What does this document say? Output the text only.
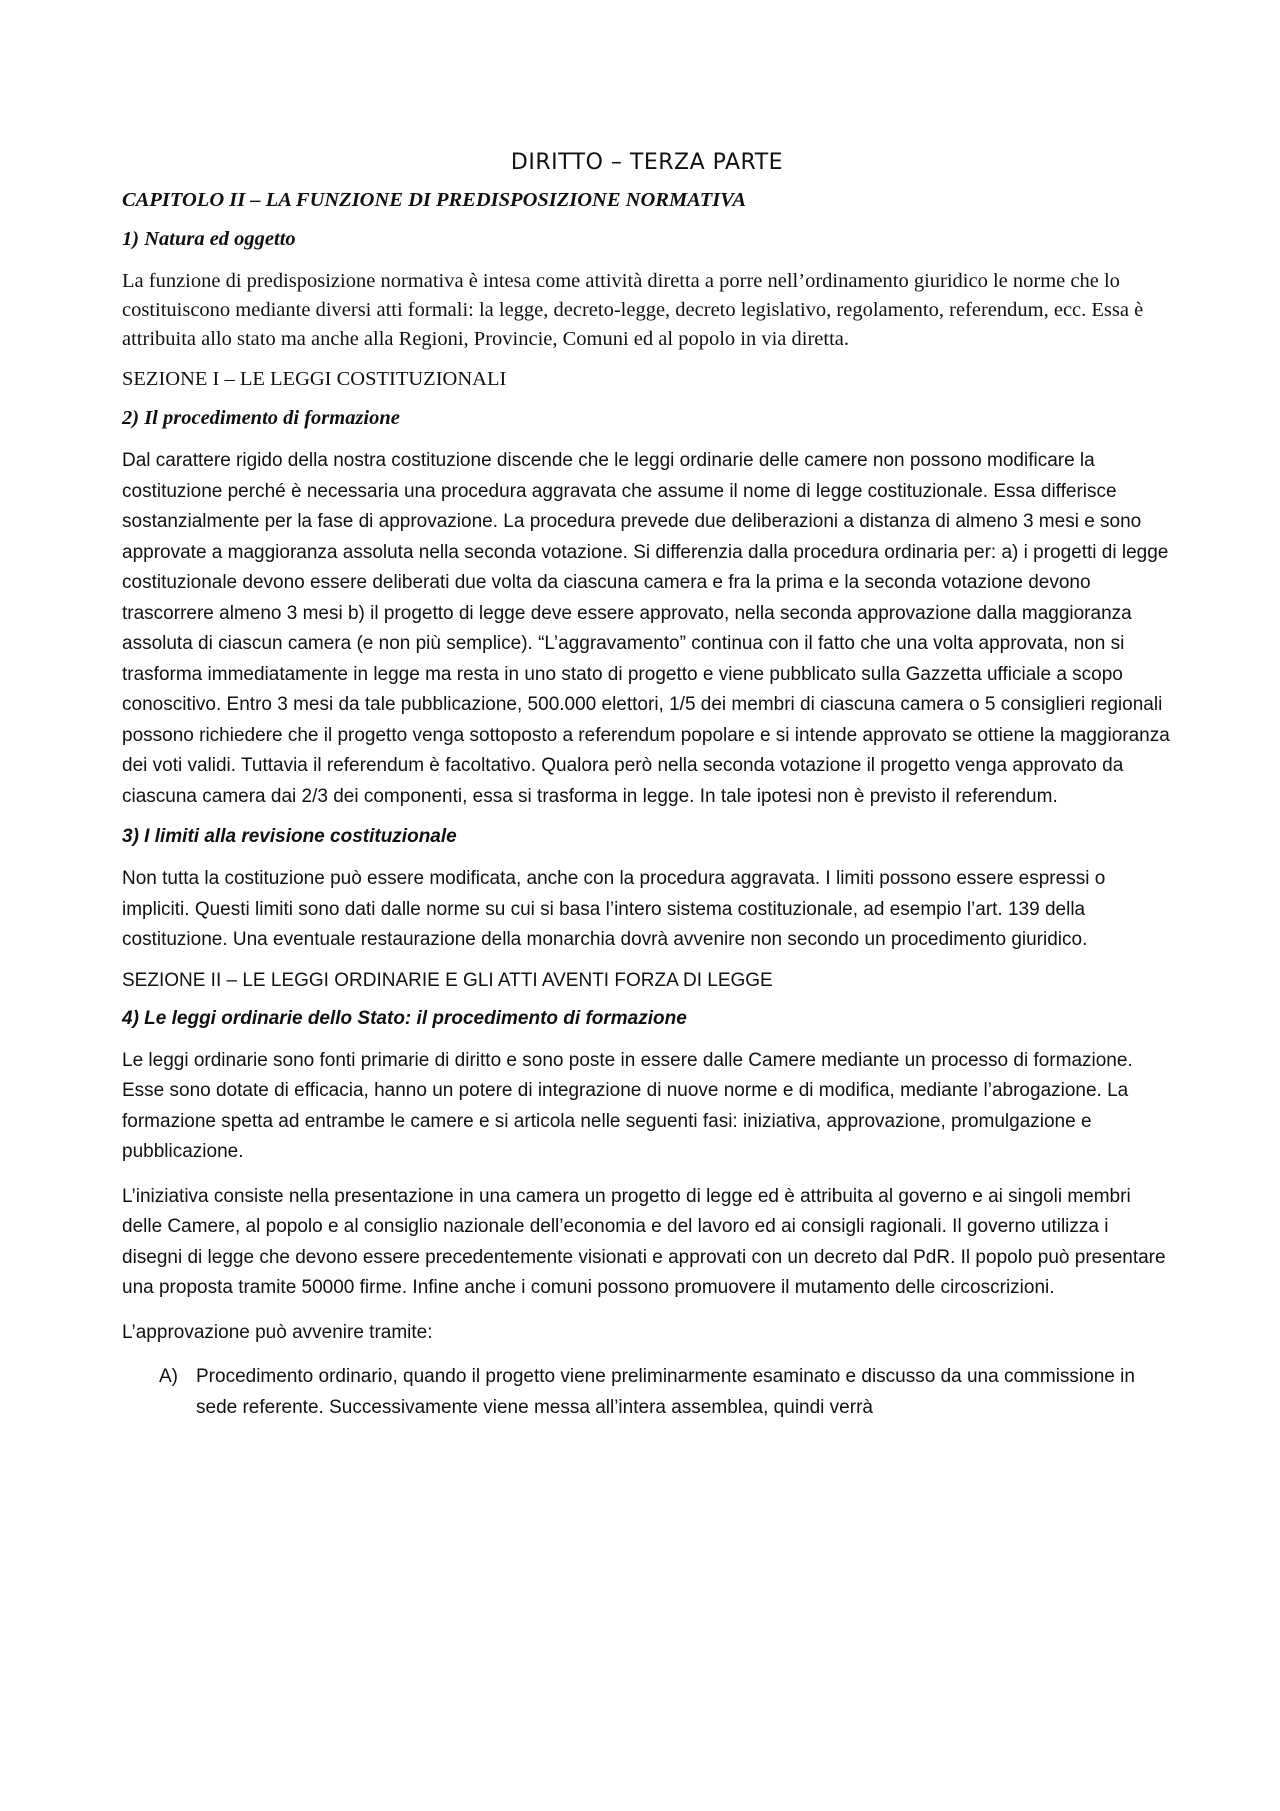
DIRITTO – TERZA PARTE
CAPITOLO II – LA FUNZIONE DI PREDISPOSIZIONE NORMATIVA
1) Natura ed oggetto

La funzione di predisposizione normativa è intesa come attività diretta a porre nell’ordinamento giuridico le norme che lo costituiscono mediante diversi atti formali: la legge, decreto-legge, decreto legislativo, regolamento, referendum, ecc. Essa è attribuita allo stato ma anche alla Regioni, Provincie, Comuni ed al popolo in via diretta.

SEZIONE I – LE LEGGI COSTITUZIONALI
2) Il procedimento di formazione

Dal carattere rigido della nostra costituzione discende che le leggi ordinarie delle camere non possono modificare la costituzione perché è necessaria una procedura aggravata che assume il nome di legge costituzionale. Essa differisce sostanzialmente per la fase di approvazione. La procedura prevede due deliberazioni a distanza di almeno 3 mesi e sono approvate a maggioranza assoluta nella seconda votazione. Si differenzia dalla procedura ordinaria per: a) i progetti di legge costituzionale devono essere deliberati due volta da ciascuna camera e fra la prima e la seconda votazione devono trascorrere almeno 3 mesi b) il progetto di legge deve essere approvato, nella seconda approvazione dalla maggioranza assoluta di ciascun camera (e non più semplice). “L’aggravamento” continua con il fatto che una volta approvata, non si trasforma immediatamente in legge ma resta in uno stato di progetto e viene pubblicato sulla Gazzetta ufficiale a scopo conoscitivo. Entro 3 mesi da tale pubblicazione, 500.000 elettori, 1/5 dei membri di ciascuna camera o 5 consiglieri regionali possono richiedere che il progetto venga sottoposto a referendum popolare e si intende approvato se ottiene la maggioranza dei voti validi. Tuttavia il referendum è facoltativo. Qualora però nella seconda votazione il progetto venga approvato da ciascuna camera dai 2/3 dei componenti, essa si trasforma in legge. In tale ipotesi non è previsto il referendum.

3) I limiti alla revisione costituzionale

Non tutta la costituzione può essere modificata, anche con la procedura aggravata. I limiti possono essere espressi o impliciti. Questi limiti sono dati dalle norme su cui si basa l’intero sistema costituzionale, ad esempio l’art. 139 della costituzione. Una eventuale restaurazione della monarchia dovrà avvenire non secondo un procedimento giuridico.

SEZIONE II – LE LEGGI ORDINARIE E GLI ATTI AVENTI FORZA DI LEGGE
4) Le leggi ordinarie dello Stato: il procedimento di formazione

Le leggi ordinarie sono fonti primarie di diritto e sono poste in essere dalle Camere mediante un processo di formazione. Esse sono dotate di efficacia, hanno un potere di integrazione di nuove norme e di modifica, mediante l’abrogazione. La formazione spetta ad entrambe le camere e si articola nelle seguenti fasi: iniziativa, approvazione, promulgazione e pubblicazione.

L’iniziativa consiste nella presentazione in una camera un progetto di legge ed è attribuita al governo e ai singoli membri delle Camere, al popolo e al consiglio nazionale dell’economia e del lavoro ed ai consigli ragionali. Il governo utilizza i disegni di legge che devono essere precedentemente visionati e approvati con un decreto dal PdR. Il popolo può presentare una proposta tramite 50000 firme. Infine anche i comuni possono promuovere il mutamento delle circoscrizioni.

L’approvazione può avvenire tramite:

A) Procedimento ordinario, quando il progetto viene preliminarmente esaminato e discusso da una commissione in sede referente. Successivamente viene messa all’intera assemblea, quindi verrà
